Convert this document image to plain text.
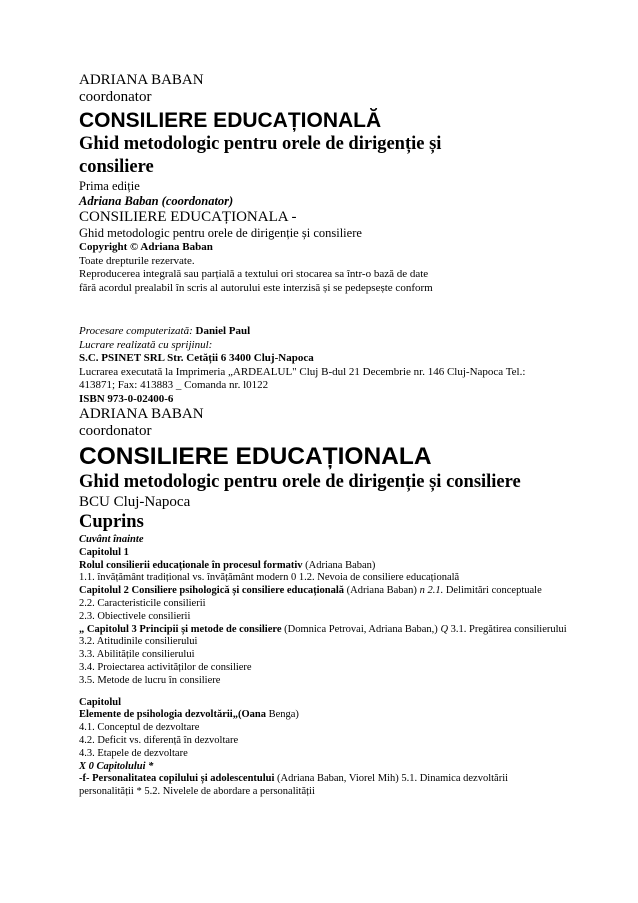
ADRIANA BABAN
coordonator
CONSILIERE EDUCAȚIONALĂ
Ghid metodologic pentru orele de dirigenție și
consiliere
Prima ediție
Adriana Baban (coordonator)
CONSILIERE EDUCAȚIONALA -
Ghid metodologic pentru orele de dirigenție și consiliere
Copyright © Adriana Baban
Toate drepturile rezervate.
Reproducerea integrală sau parțială a textului ori stocarea sa într-o bază de date
fără acordul prealabil în scris al autorului este interzisă și se pedepsește conform
Procesare computerizată: Daniel Paul
Lucrare realizată cu sprijinul:
S.C. PSINET SRL Str. Cetății 6 3400 Cluj-Napoca
Lucrarea executată la Imprimeria „ARDEALUL" Cluj B-dul 21 Decembrie nr. 146 Cluj-Napoca Tel.:
413871; Fax: 413883 _ Comanda nr. l0122
ISBN 973-0-02400-6
ADRIANA BABAN
coordonator
CONSILIERE EDUCAȚIONALA
Ghid metodologic pentru orele de dirigenție și consiliere
BCU Cluj-Napoca
Cuprins
Cuvânt înainte
Capitolul 1
Rolul consilierii educaționale în procesul formativ (Adriana Baban)
1.1. învățământ tradițional vs. învățământ modern 0 1.2. Nevoia de consiliere educațională
Capitolul 2 Consiliere psihologică și consiliere educațională (Adriana Baban) n 2.1. Delimitări conceptuale
2.2. Caracteristicile consilierii
2.3. Obiectivele consilierii
„ Capitolul 3 Principii și metode de consiliere (Domnica Petrovai, Adriana Baban,) Q 3.1. Pregătirea consilierului
3.2. Atitudinile consilierului
3.3. Abilitățile consilierului
3.4. Proiectarea activităților de consiliere
3.5. Metode de lucru în consiliere
Capitolul
Elemente de psihologia dezvoltării„(Oana Benga)
4.1. Conceptul de dezvoltare
4.2. Deficit vs. diferență în dezvoltare
4.3. Etapele de dezvoltare
X 0 Capitolului *
-f- Personalitatea copilului și adolescentului (Adriana Baban, Viorel Mih) 5.1. Dinamica dezvoltării
personalității * 5.2. Nivelele de abordare a personalității
